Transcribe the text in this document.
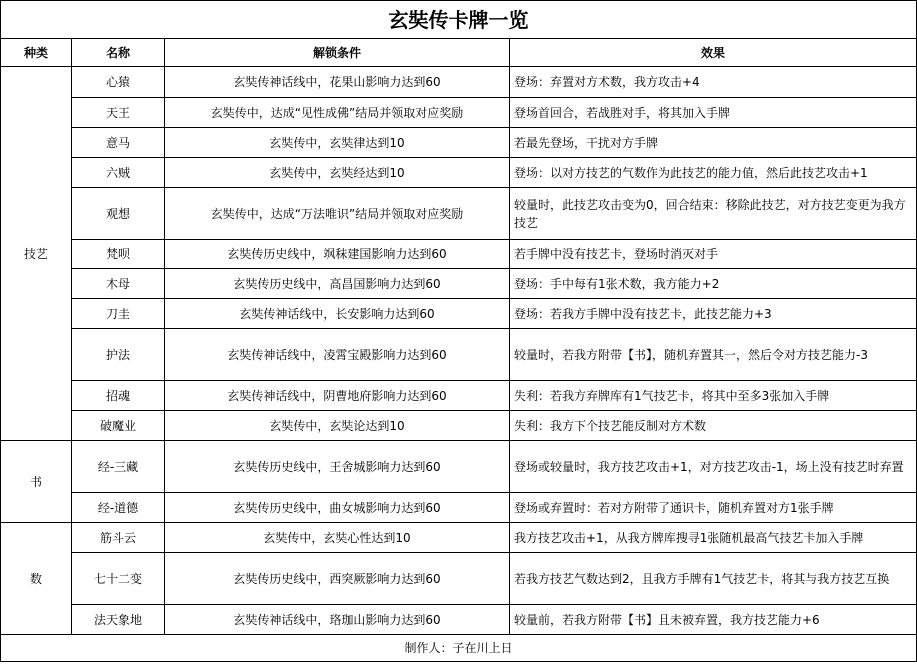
玄奘传卡牌一览			
种类	名称	解锁条件	效果
技艺	心猿	玄奘传神话线中，花果山影响力达到60	登场：弃置对方术数，我方攻击+4
	天王	玄奘传中，达成“见性成佛”结局并领取对应奖励	登场首回合，若战胜对手，将其加入手牌
	意马	玄奘传中，玄奘律达到10	若最先登场，干扰对方手牌
	六贼	玄奘传中，玄奘经达到10	登场：以对方技艺的气数作为此技艺的能力值，然后此技艺攻击+1
	观想	玄奘传中，达成“万法唯识”结局并领取对应奖励	较量时，此技艺攻击变为0，回合结束：移除此技艺，对方技艺变更为我方技艺
	梵呗	玄奘传历史线中，飒秣建国影响力达到60	若手牌中没有技艺卡，登场时消灭对手
	木母	玄奘传历史线中，高昌国影响力达到60	登场：手中每有1张术数，我方能力+2
	刀圭	玄奘传神话线中，长安影响力达到60	登场：若我方手牌中没有技艺卡，此技艺能力+3
	护法	玄奘传神话线中，凌霄宝殿影响力达到60	较量时，若我方附带【书】，随机弃置其一，然后令对方技艺能力-3
	招魂	玄奘传神话线中，阴曹地府影响力达到60	失利：若我方弃牌库有1气技艺卡，将其中至多3张加入手牌
	破魔业	玄奘传中，玄奘论达到10	失利：我方下个技艺能反制对方术数
书	经-三藏	玄奘传历史线中，王舍城影响力达到60	登场或较量时，我方技艺攻击+1，对方技艺攻击-1，场上没有技艺时弃置
	经-道德	玄奘传历史线中，曲女城影响力达到60	登场或弃置时：若对方附带了通识卡，随机弃置对方1张手牌
数	筋斗云	玄奘传中，玄奘心性达到10	我方技艺攻击+1，从我方牌库搜寻1张随机最高气技艺卡加入手牌
	七十二变	玄奘传历史线中，西突厥影响力达到60	若我方技艺气数达到2，且我方手牌有1气技艺卡，将其与我方技艺互换
	法天象地	玄奘传神话线中，珞珈山影响力达到60	较量前，若我方附带【书】且未被弃置，我方技艺能力+6
制作人：子在川上日			
